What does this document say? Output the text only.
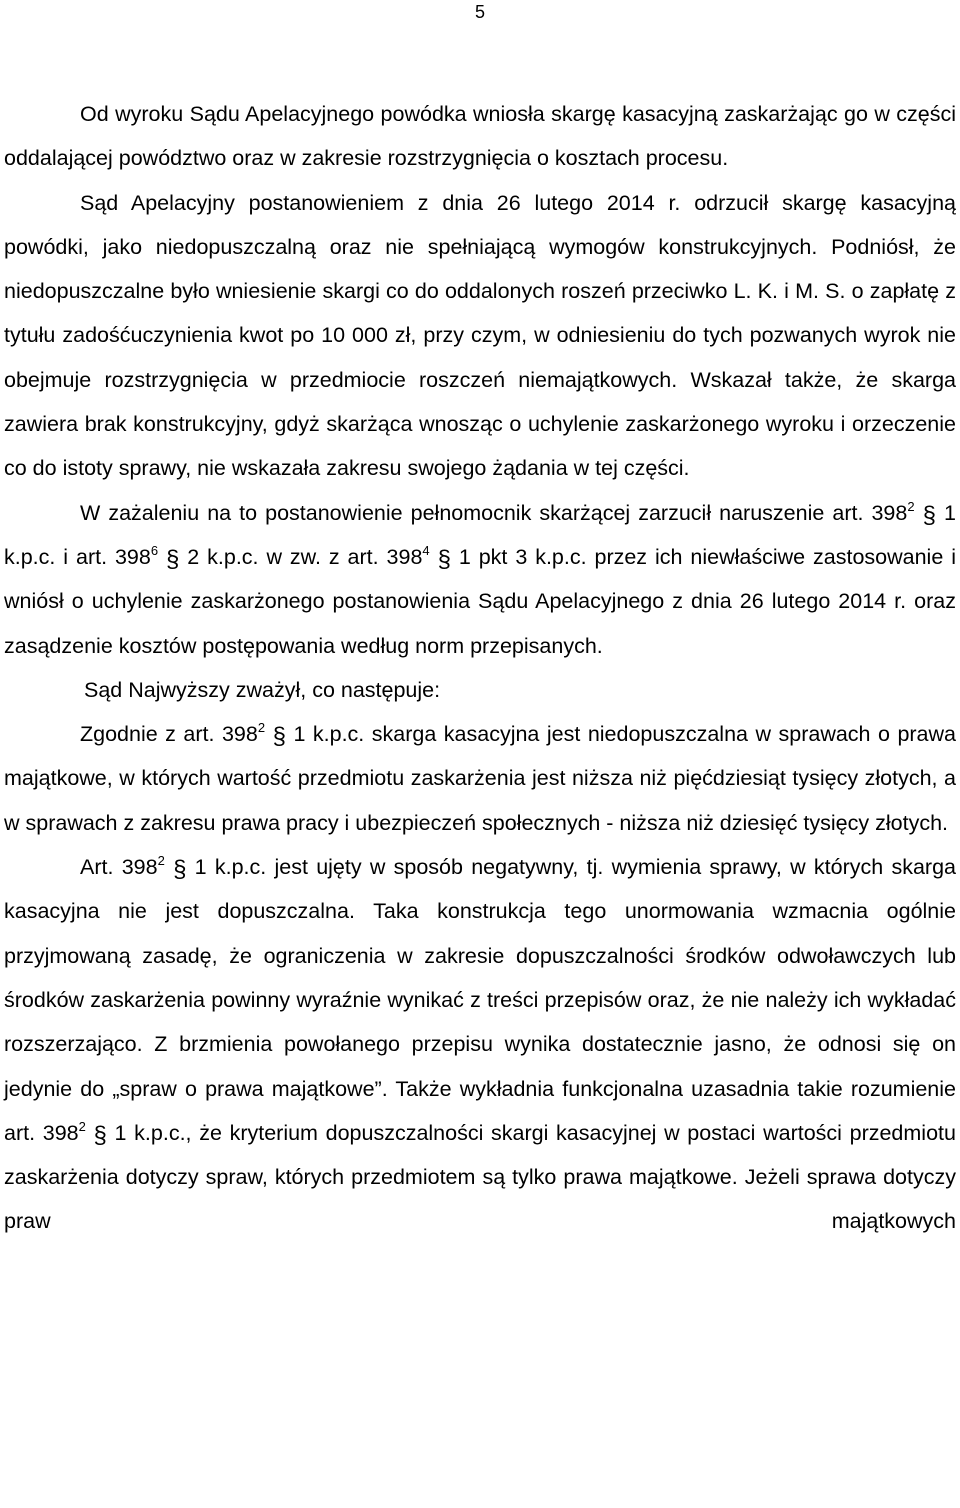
5

Od wyroku Sądu Apelacyjnego powódka wniosła skargę kasacyjną zaskarżając go w części oddalającej powództwo oraz w zakresie rozstrzygnięcia o kosztach procesu.

Sąd Apelacyjny postanowieniem z dnia 26 lutego 2014 r. odrzucił skargę kasacyjną powódki, jako niedopuszczalną oraz nie spełniającą wymogów konstrukcyjnych. Podniósł, że niedopuszczalne było wniesienie skargi co do oddalonych roszeń przeciwko L. K. i M. S. o zapłatę z tytułu zadośćuczynienia kwot po 10 000 zł, przy czym, w odniesieniu do tych pozwanych wyrok nie obejmuje rozstrzygnięcia w przedmiocie roszczeń niemajątkowych. Wskazał także, że skarga zawiera brak konstrukcyjny, gdyż skarżąca wnosząc o uchylenie zaskarżonego wyroku i orzeczenie co do istoty sprawy, nie wskazała zakresu swojego żądania w tej części.

W zażaleniu na to postanowienie pełnomocnik skarżącej zarzucił naruszenie art. $398^2$ § 1 k.p.c. i art. $398^6$ § 2 k.p.c. w zw. z art. $398^4$ § 1 pkt 3 k.p.c. przez ich niewłaściwe zastosowanie i wniósł o uchylenie zaskarżonego postanowienia Sądu Apelacyjnego z dnia 26 lutego 2014 r. oraz zasądzenie kosztów postępowania według norm przepisanych.

Sąd Najwyższy zważył, co następuje:

Zgodnie z art. $398^2$ § 1 k.p.c. skarga kasacyjna jest niedopuszczalna w sprawach o prawa majątkowe, w których wartość przedmiotu zaskarżenia jest niższa niż pięćdziesiąt tysięcy złotych, a w sprawach z zakresu prawa pracy i ubezpieczeń społecznych - niższa niż dziesięć tysięcy złotych.

Art. $398^2$ § 1 k.p.c. jest ujęty w sposób negatywny, tj. wymienia sprawy, w których skarga kasacyjna nie jest dopuszczalna. Taka konstrukcja tego unormowania wzmacnia ogólnie przyjmowaną zasadę, że ograniczenia w zakresie dopuszczalności środków odwoławczych lub środków zaskarżenia powinny wyraźnie wynikać z treści przepisów oraz, że nie należy ich wykładać rozszerzająco. Z brzmienia powołanego przepisu wynika dostatecznie jasno, że odnosi się on jedynie do „spraw o prawa majątkowe”. Także wykładnia funkcjonalna uzasadnia takie rozumienie art. $398^2$ § 1 k.p.c., że kryterium dopuszczalności skargi kasacyjnej w postaci wartości przedmiotu zaskarżenia dotyczy spraw, których przedmiotem są tylko prawa majątkowe. Jeżeli sprawa dotyczy praw majątkowych
